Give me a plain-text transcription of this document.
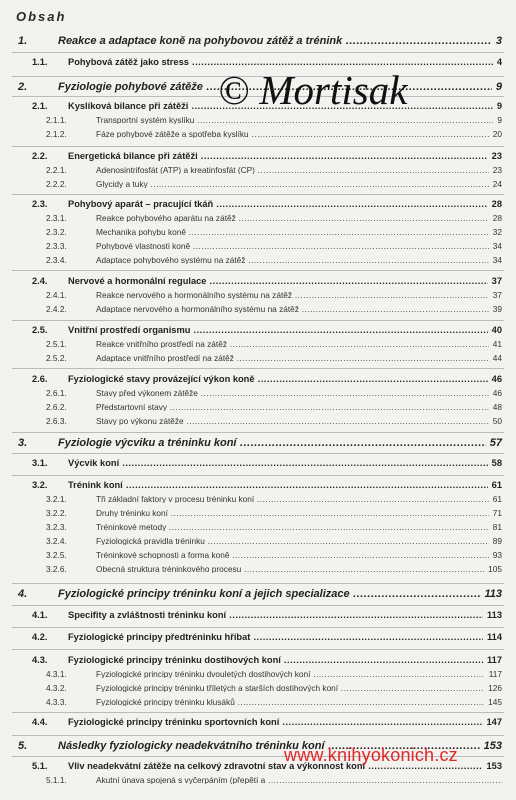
Obsah
1.	Reakce a adaptace koně na pohybovou zátěž a trénink .....	3
1.1. Pohybová zátěž jako stress .....	4
2.	Fyziologie pohybové zátěže .....	9
2.1. Kyslíková bilance při zátěži .....	9
2.1.1.	Transportní systém kyslíku .....	9
2.1.2.	Fáze pohybové zátěže a spotřeba kyslíku .....	20
2.2. Energetická bilance při zátěži .....	23
2.2.1.	Adenosintrifosfát (ATP) a kreatinfosfát (CP) .....	23
2.2.2.	Glycidy a tuky .....	24
2.3. Pohybový aparát – pracující tkáň .....	28
2.3.1.	Reakce pohybového aparátu na zátěž .....	28
2.3.2.	Mechanika pohybu koně .....	32
2.3.3.	Pohybové vlastnosti koně .....	34
2.3.4.	Adaptace pohybového systému na zátěž .....	34
2.4. Nervové a hormonální regulace .....	37
2.4.1.	Reakce nervového a hormonálního systému na zátěž .....	37
2.4.2.	Adaptace nervového a hormonálního systému na zátěž .....	39
2.5. Vnitřní prostředí organismu .....	40
2.5.1.	Reakce vnitřního prostředí na zátěž .....	41
2.5.2.	Adaptace vnitřního prostředí na zátěž .....	44
2.6. Fyziologické stavy provázející výkon koně .....	46
2.6.1.	Stavy před výkonem zátěže .....	46
2.6.2.	Předstartovní stavy .....	48
2.6.3.	Stavy po výkonu zátěže .....	50
3.	Fyziologie výcviku a tréninku koní .....	57
3.1. Výcvik koní .....	58
3.2. Trénink koní .....	61
3.2.1.	Tři základní faktory v procesu tréninku koní .....	61
3.2.2.	Druhy tréninku koní .....	71
3.2.3.	Tréninkové metody .....	81
3.2.4.	Fyziologická pravidla tréninku .....	89
3.2.5.	Tréninkové schopnosti a forma koně .....	93
3.2.6.	Obecná struktura tréninkového procesu .....	105
4.	Fyziologické principy tréninku koní a jejich specializace .....	113
4.1. Specifity a zvláštnosti tréninku koní .....	113
4.2. Fyziologické principy předtréninku hříbat .....	114
4.3. Fyziologické principy tréninku dostihových koní .....	117
4.3.1.	Fyziologické principy tréninku dvouletých dostihových koní .....	117
4.3.2.	Fyziologické principy tréninku tříletých a starších dostihových koní .....	126
4.3.3.	Fyziologické principy tréninku klusáků .....	145
4.4. Fyziologické principy tréninku sportovních koní .....	147
5.	Následky fyziologicky neadekvátního tréninku koní .....	153
5.1. Vliv neadekvátní zátěže na celkový zdravotní stav a výkonnost koní .....	153
5.1.1.	Akutní únava spojená s vyčerpáním (přepětí a .....
© Mortisak
www.knihyokonich.cz
